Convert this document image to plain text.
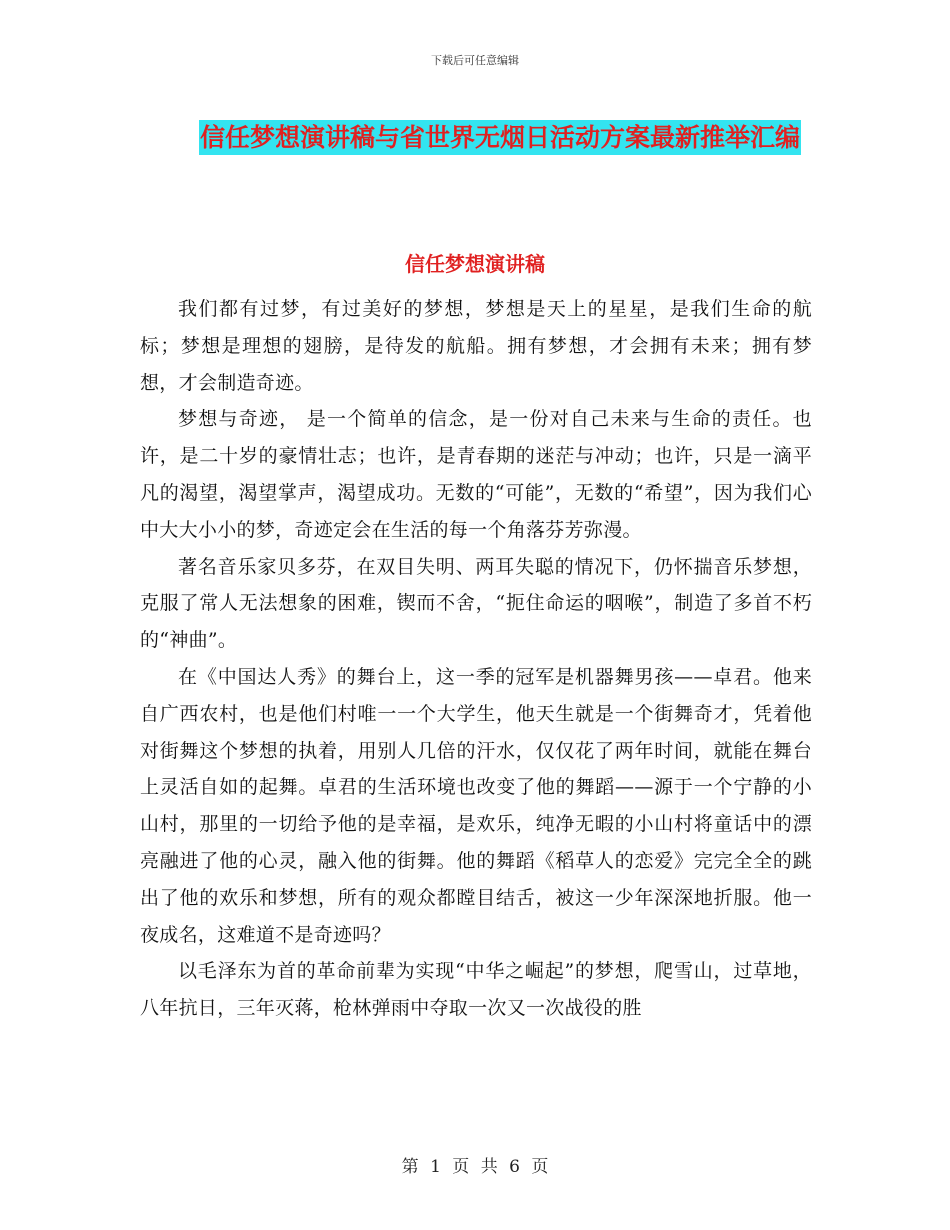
下载后可任意编辑
信任梦想演讲稿与省世界无烟日活动方案最新推举汇编
信任梦想演讲稿

我们都有过梦，有过美好的梦想，梦想是天上的星星，是我们生命的航标；梦想是理想的翅膀，是待发的航船。拥有梦想，才会拥有未来；拥有梦想，才会制造奇迹。

梦想与奇迹， 是一个简单的信念，是一份对自己未来与生命的责任。也许，是二十岁的豪情壮志；也许，是青春期的迷茫与冲动；也许，只是一滴平凡的渴望，渴望掌声，渴望成功。无数的“可能”，无数的“希望”，因为我们心中大大小小的梦，奇迹定会在生活的每一个角落芬芳弥漫。

著名音乐家贝多芬，在双目失明、两耳失聪的情况下，仍怀揣音乐梦想，克服了常人无法想象的困难，锲而不舍，“扼住命运的咽喉”，制造了多首不朽的“神曲”。

在《中国达人秀》的舞台上，这一季的冠军是机器舞男孩——卓君。他来自广西农村，也是他们村唯一一个大学生，他天生就是一个街舞奇才，凭着他对街舞这个梦想的执着，用别人几倍的汗水，仅仅花了两年时间，就能在舞台上灵活自如的起舞。卓君的生活环境也改变了他的舞蹈——源于一个宁静的小山村，那里的一切给予他的是幸福，是欢乐，纯净无暇的小山村将童话中的漂亮融进了他的心灵，融入他的街舞。他的舞蹈《稻草人的恋爱》完完全全的跳出了他的欢乐和梦想，所有的观众都瞠目结舌，被这一少年深深地折服。他一夜成名，这难道不是奇迹吗？

以毛泽东为首的革命前辈为实现“中华之崛起”的梦想，爬雪山，过草地，八年抗日，三年灭蒋，枪林弹雨中夺取一次又一次战役的胜

第 1 页 共 6 页
